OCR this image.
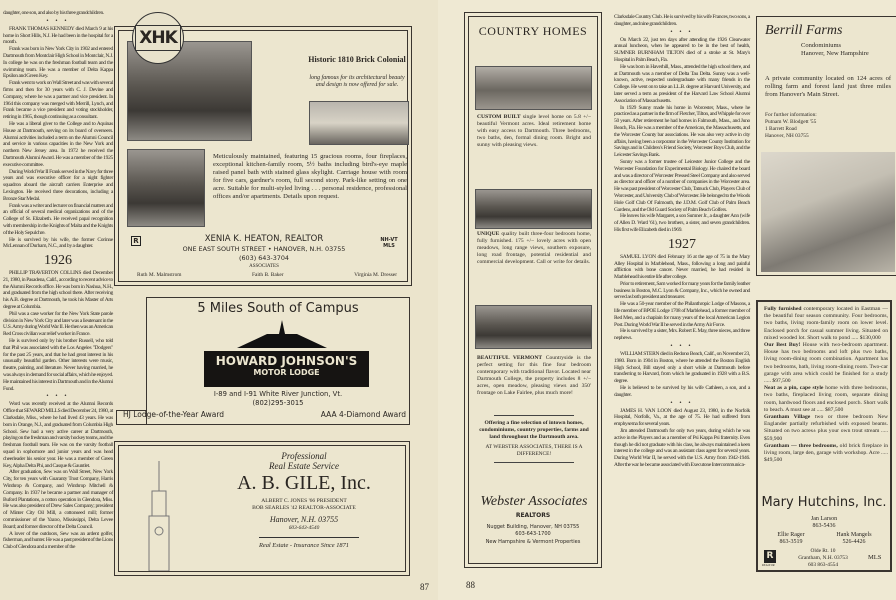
daughter, one son, and also by his three grandchildren.
• • •

FRANK THOMAS KENNEDY died March 9 at his home in Short Hills, N.J. He had been in the hospital for a month.

Frank was born in New York City in 1902 and entered Dartmouth from Montclair High School in Montclair, N.J. In college he was on the freshman football team and the swimming team. He was a member of Delta Kappa Epsilon and Green Key.

Frank went to work on Wall Street and was with several firms and then for 30 years with C. J. Devine and Company, where he was a partner and vice president. In 1964 this company was merged with Merrill, Lynch, and Frank became a vice president and voting stockholder, retiring in 1965, though continuing as a consultant.

He was a liberal giver to the College and to Aquinas House at Dartmouth, serving on its board of overseers. Alumni activities included a term on the Alumni Council and service in various capacities in the New York and northern New Jersey area. In 1972 he received the Dartmouth Alumni Award. He was a member of the 1925 executive committee.

During World War II Frank served in the Navy for three years and was executive officer for a night fighter squadron aboard the aircraft carriers Enterprise and Lexington. He received three decorations, including a Bronze Star Medal.

Frank was a writer and lecturer on financial matters and an official of several medical organizations and of the College of St. Elizabeth. He received papal recognition with membership in the Knights of Malta and the Knights of the Holy Sepulchre.

He is survived by his wife, the former Corinne McLennan of Durham, N.C., and by a daughter.

1926

PHILLIP TRAVERTON COLLINS died December 21, 1980, in Pasadena, Calif., according to recent advice to the Alumni Records office. He was born in Nashua, N.H., and graduated from the high school there. After receiving his A.B. degree at Dartmouth, he took his Master of Arts degree at Columbia.

Phil was a case worker for the New York State parole division in New York City and later was a lieutenant in the U.S. Army during World War II. He then was an American Red Cross civilian war relief worker in France.

He is survived only by his brother Russell, who told that Phil was associated with the Los Angeles "Dodgers" for the past 25 years, and that he had great interest in his unusually beautiful garden. Other interests were music, theatre, painting, and literature. Never having married, he was always in demand for social affairs, which he enjoyed. He maintained his interest in Dartmouth and in the Alumni Fund.

• • •

Word was recently received at the Alumni Records Office that SEWARD MILLS died December 24, 1980, at Clarksdale, Miss., where he had lived 43 years. He was born in Orange, N.J., and graduated from Columbia High School. Sew had a very active career at Dartmouth, playing on the freshman and varsity hockey teams, and the freshman football team. He was on the varsity football squad in sophomore and junior years and was head cheerleader his senior year. He was a member of Green Key, Alpha Delta Phi, and Casque & Gauntlet.

After graduation, Sew was on Wall Street, New York City, for ten years with Guaranty Trust Company, Harris Winthrop & Company, and Winthrop Mitchell & Company. In 1937 he became a partner and manager of Buford Plantations, a cotton operation in Glendora, Miss. He was also president of Drew Sales Company; president of Minter City Oil Mill, a cottonseed mill; former commissioner of the Yazoo, Mississippi, Delta Levee Board; and former director of the Delta Council.

A lover of the outdoors, Sew was an ardent golfer, fisherman, and hunter. He was a past president of the Lions Club of Glendora and a member of the

Historic 1810 Brick Colonial
long famous for its architectural beauty and design is now offered for sale.
Meticulously maintained, featuring 15 gracious rooms, four fireplaces, exceptional kitchen-family room, 5½ baths including bird's-eye maple raised panel bath with stained glass skylight. Carriage house with room for five cars, gardner's room, full second story. Park-like setting on one acre. Suitable for multi-styled living . . . personal residence, professional offices and/or apartments. Details upon request.
R	XENIA K. HEATON, REALTOR
ONE EAST SOUTH STREET • HANOVER, N.H. 03755
(603) 643-3704
NH-VT MLS
ASSOCIATES
Ruth M. Malmstrom	Faith B. Baker	Virginia M. Dresser
XHK
5 Miles South of Campus
HOWARD JOHNSON'S
MOTOR LODGE
I-89 and I-91 White River Junction, Vt.
(802)295-3015
HJ Lodge-of-the-Year Award	AAA 4-Diamond Award
Professional
Real Estate Service
A. B. GILE, Inc.
ALBERT C. JONES '66 PRESIDENT
BOB SEARLES '42 REALTOR-ASSOCIATE
Hanover, N.H. 03755
603-643-4540
Real Estate - Insurance Since 1871
87	88
COUNTRY HOMES
CUSTOM BUILT single level home on 5.8 +/− beautiful Vermont acres. Ideal retirement home with easy access to Dartmouth. Three bedrooms, two baths, den, formal dining room. Bright and sunny with pleasing views.
UNIQUE quality built three-four bedroom home, fully furnished. 175 +/− lovely acres with open meadows, long range views, southern exposure, long road frontage, potential residential and commercial development. Call or write for details.
BEAUTIFUL VERMONT Countryside is the perfect setting for this fine four bedroom contemporary with traditional flavor. Located near Dartmouth College, the property includes 8 +/− acres, open meadow, pleasing views and 350' frontage on Lake Fairlee, plus much more!
Offering a fine selection of intown homes, condominiums, country properties, farms and land throughout the Dartmouth area.
AT WEBSTER ASSOCIATES, THERE IS A DIFFERENCE!
Webster Associates
REALTORS
Nugget Building, Hanover, NH 03755
603-643-1700
New Hampshire & Vermont Properties
Clarksdale Country Club. He is survived by his wife Frances, two sons, a daughter, and nine grandchildren.
• • •

On March 22, just ten days after attending the 1926 Clearwater annual luncheon, when he appeared to be in the best of health, SUMNER BURNHAM TILTON died of a stroke at St. Mary's Hospital in Palm Beach, Fla.

He was born in Haverhill, Mass., attended the high school there, and at Dartmouth was a member of Delta Tau Delta. Sunny was a well-known, active, respected undergraduate with many friends in the College. He went on to take an LL.B. degree at Harvard University, and later served a term as president of the Harvard Law School Alumni Association of Massachusetts.

In 1929 Sunny made his home in Worcester, Mass., where he practiced as a partner in the firm of Fletcher, Tilton, and Whipple for over 50 years. After retirement he had homes in Falmouth, Mass., and Juno Beach, Fla. He was a member of the American, the Massachusetts, and the Worcester County bar associations. He was also very active in city affairs, having been a corporator in the Worcester County Institution for Savings and in Children's Friend Society, Worcester Boys Club, and the Leicester Savings Bank.

Sunny was a former trustee of Leicester Junior College and the Worcester Foundation for Experimental Biology. He chaired the board and was a director of Worcester Pressed Steel Company and also served as director and officer of a number of companies in the Worcester area. He was past president of Worcester Club, Tatnuck Club, Players Club of Worcester, and University Club of Worcester. He belonged to the Woods Hole Golf Club Of Falmouth, the J.D.M. Golf Club of Palm Beach Gardens, and the Old Guard Society of Palm Beach Golfers.

He leaves his wife Margaret, a son Sumner Jr., a daughter Ann (wife of Allen D. Ward '61), two brothers, a sister, and seven grandchildren. His first wife Elizabeth died in 1969.

1927

SAMUEL LYON died February 16 at the age of 75 in the Mary Alley Hospital in Marblehead, Mass., following a long and painful affliction with bone cancer. Never married, he had resided in Marblehead his entire life after college.

Prior to retirement, Sam worked for many years for the family leather business in Boston, M.C. Lyon & Company, Inc., which he owned and served as both president and treasurer.

He was a 50-year member of the Philanthropic Lodge of Masons, a life member of BPOE Lodge 1708 of Marblehead, a former member of Red Men, and a chaplain for many years of the local American Legion Post. During World War II he served in the Army Air Force.

He is survived by a sister, Mrs. Robert E. May, three nieces, and three nephews.

• • •

WILLIAM STERN died in Redono Beach, Calif., on November 23, 1980. Born in 1904 in Boston, where he attended the Boston English High School, Bill stayed only a short while at Dartmouth before transferring to Harvard, from which he graduated in 1928 with a B.S. degree.

He is believed to be survived by his wife Cathleen, a son, and a daughter.

• • •

JAMES H. VAN LOON died August 23, 1980, in the Norfolk Hospital, Norfolk, Va., at the age of 75. He had suffered from emphysema for several years.

Jim attended Dartmouth for only two years, during which he was active in the Players and as a member of Psi Kappa Psi fraternity. Even though he did not graduate with his class, he always maintained a keen interest in the college and was an assistant class agent for several years. During World War II, he served with the U.S. Army from 1942-1946. After the war he became associated with Executone Intercommunica-

Berrill Farms
Condominiums
Hanover, New Hampshire
A private community located on 124 acres of rolling farm and forest land just three miles from Hanover's Main Street.
For further information:
Putnam W. Blodgett '55
1 Barrett Road
Hanover, NH 03755
Fully furnished contemporary located in Eastman — the beautiful four season community. Four bedrooms, two baths, living room-family room on lower level. Enclosed porch for casual summer living. Situated on mixed wooded lot. Short walk to pond ..... $130,000
Our Best Buy! House with two-bedroom apartment. House has two bedrooms and loft plus two baths, living room-dining room combination. Apartment has two bedrooms, bath, living room-dining room. Two-car garage with area which could be finished for a study ..... $97,500
Neat as a pin, cape style home with three bedrooms, two baths, fireplaced living room, separate dining room, hardwood floors and enclosed porch. Short walk to beach. A must see at ..... $87,500
Grantham Village two or three bedroom New Englander partially refurbished with exposed beams. Situated on two acres± plus your own trout stream ..... $59,900
Grantham — three bedrooms, old brick fireplace in living room, large den, garage with workshop. Acre ..... $49,500
Mary Hutchins, Inc.
Jan Larson
863-5436
Ellie Rager
863-3519
Hank Mangels
526-4426
R
REALTOR
Olde Rt. 10
Grantham, N.H. 03753
603 863-4554
MLS
